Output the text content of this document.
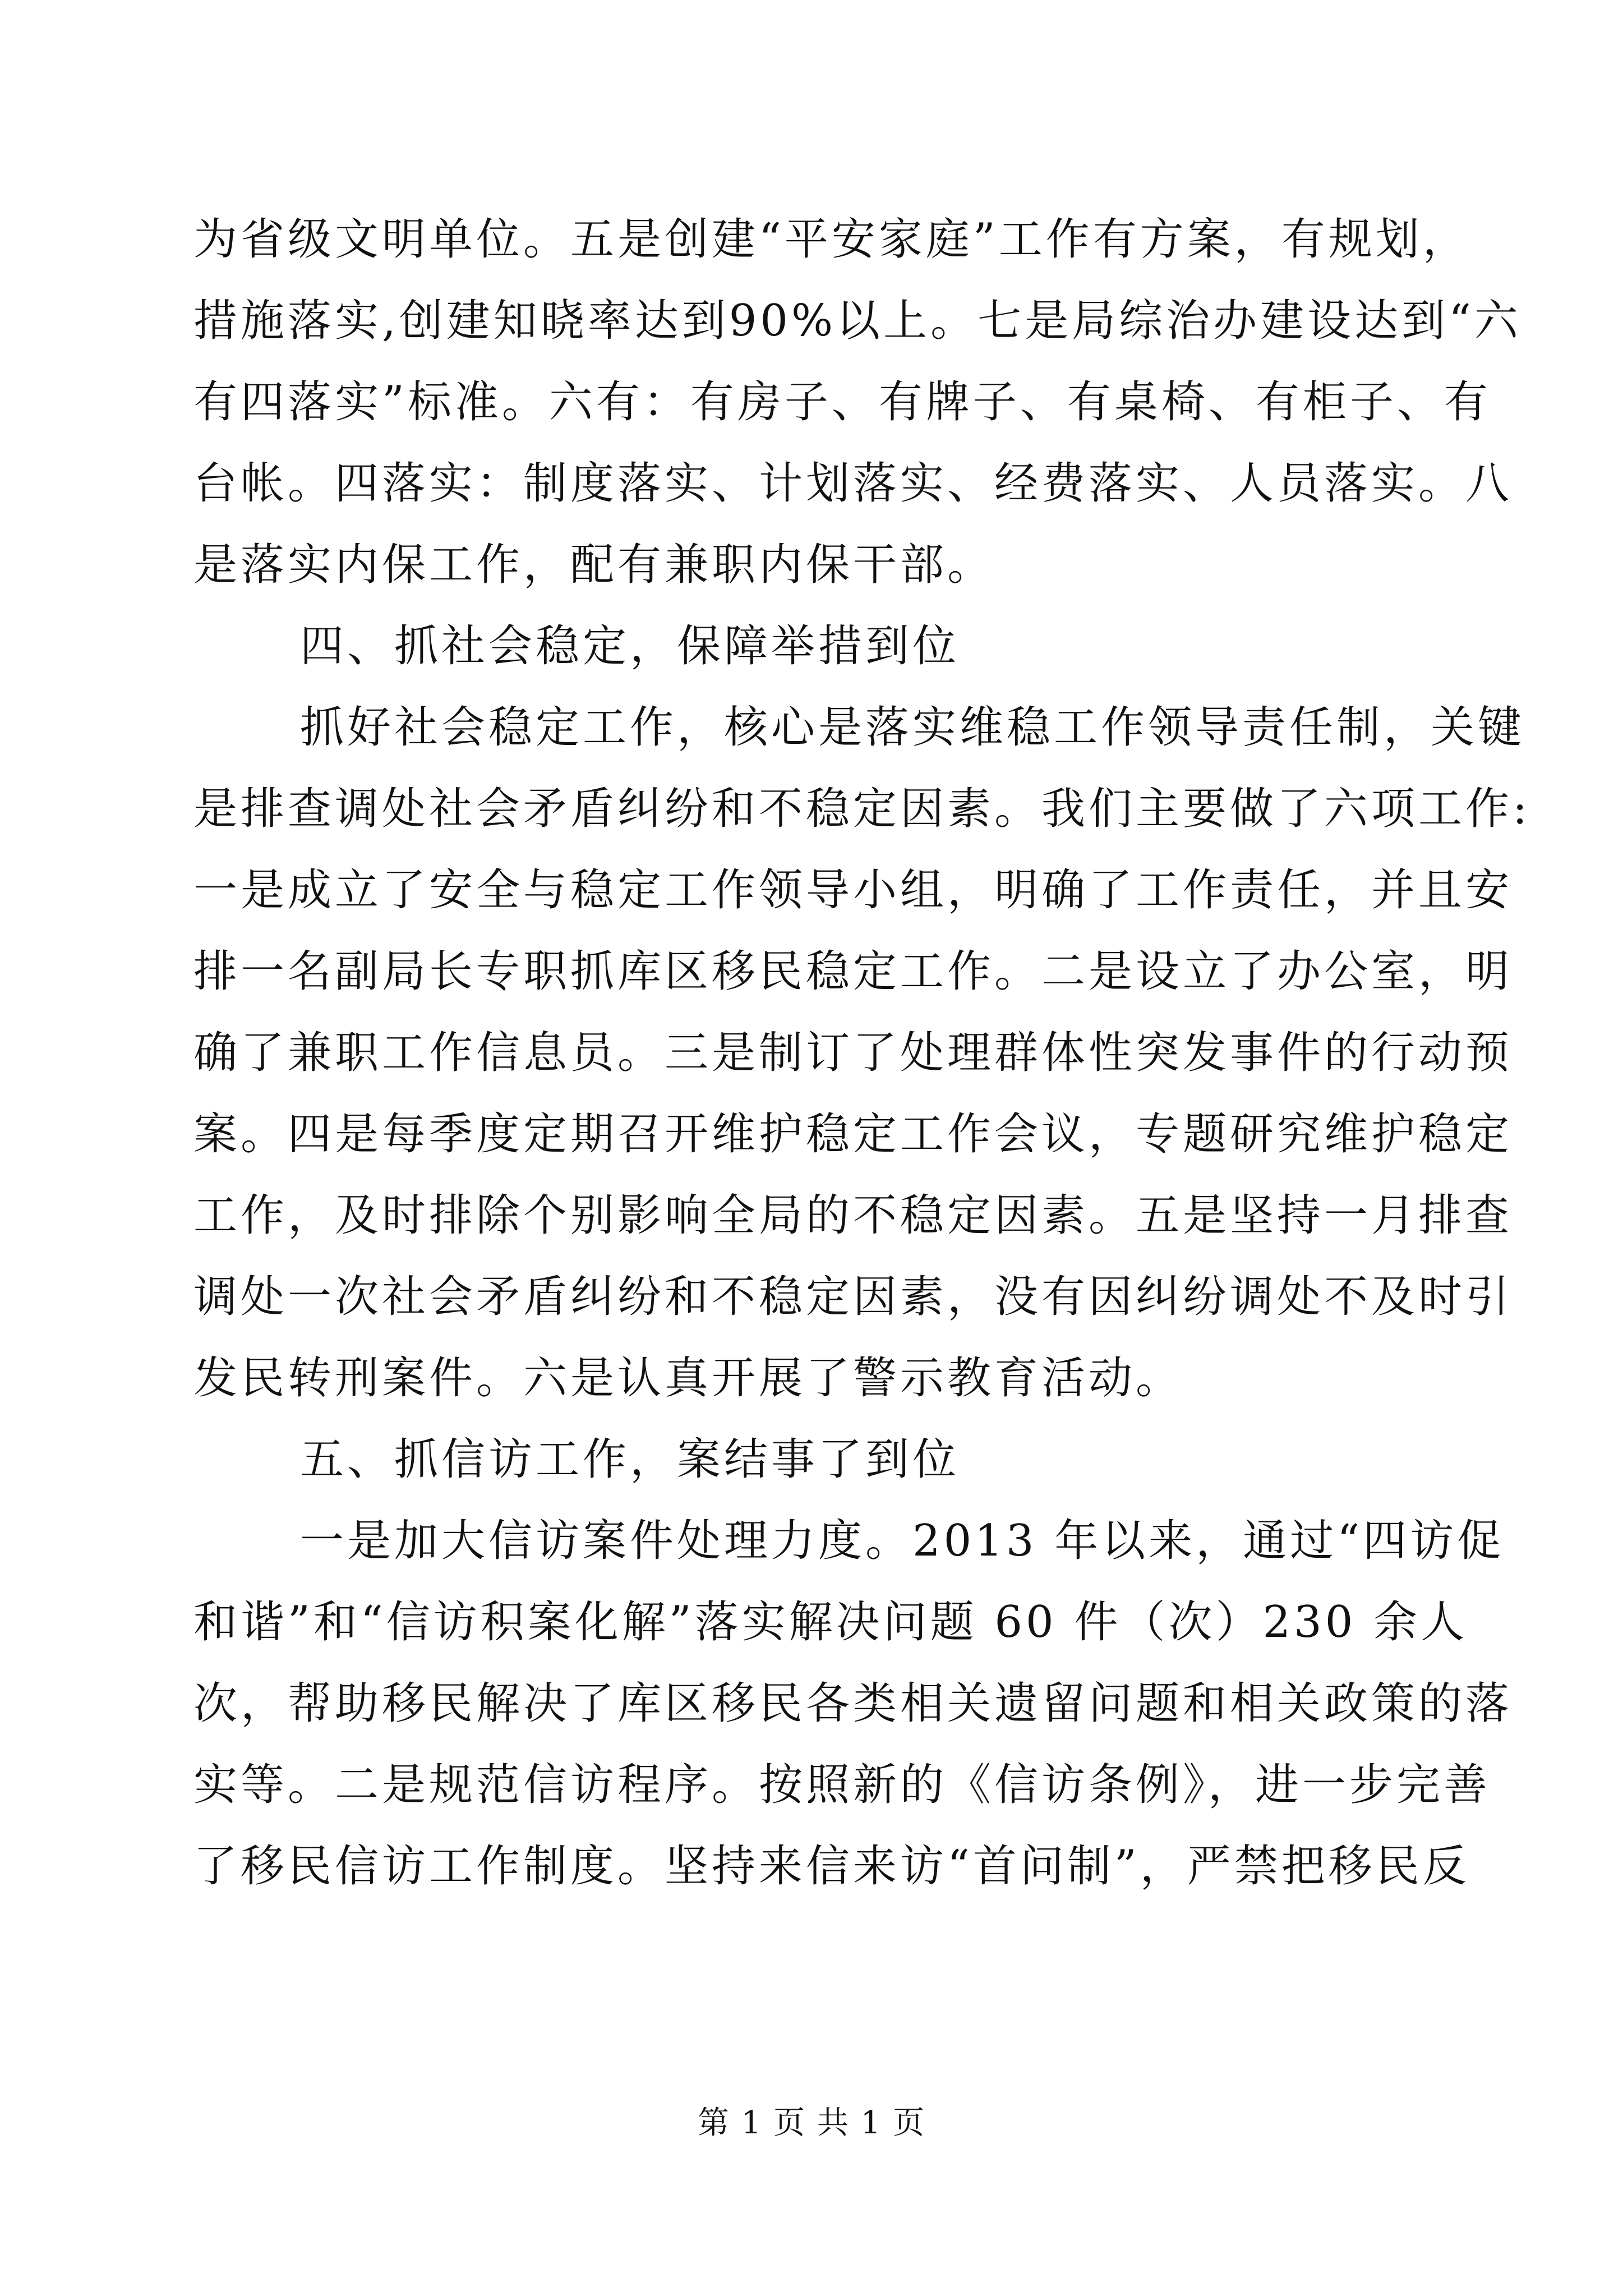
为省级文明单位。五是创建“平安家庭”工作有方案，有规划，
措施落实,创建知晓率达到90%以上。七是局综治办建设达到“六
有四落实”标准。六有：有房子、有牌子、有桌椅、有柜子、有
台帐。四落实：制度落实、计划落实、经费落实、人员落实。八
是落实内保工作，配有兼职内保干部。
四、抓社会稳定，保障举措到位
抓好社会稳定工作，核心是落实维稳工作领导责任制，关键
是排查调处社会矛盾纠纷和不稳定因素。我们主要做了六项工作:
一是成立了安全与稳定工作领导小组，明确了工作责任，并且安
排一名副局长专职抓库区移民稳定工作。二是设立了办公室，明
确了兼职工作信息员。三是制订了处理群体性突发事件的行动预
案。四是每季度定期召开维护稳定工作会议，专题研究维护稳定
工作，及时排除个别影响全局的不稳定因素。五是坚持一月排查
调处一次社会矛盾纠纷和不稳定因素，没有因纠纷调处不及时引
发民转刑案件。六是认真开展了警示教育活动。
五、抓信访工作，案结事了到位
一是加大信访案件处理力度。2013 年以来，通过“四访促
和谐”和“信访积案化解”落实解决问题 60 件（次）230 余人
次，帮助移民解决了库区移民各类相关遗留问题和相关政策的落
实等。二是规范信访程序。按照新的《信访条例》，进一步完善
了移民信访工作制度。坚持来信来访“首问制”，严禁把移民反
第 1 页 共 1 页
